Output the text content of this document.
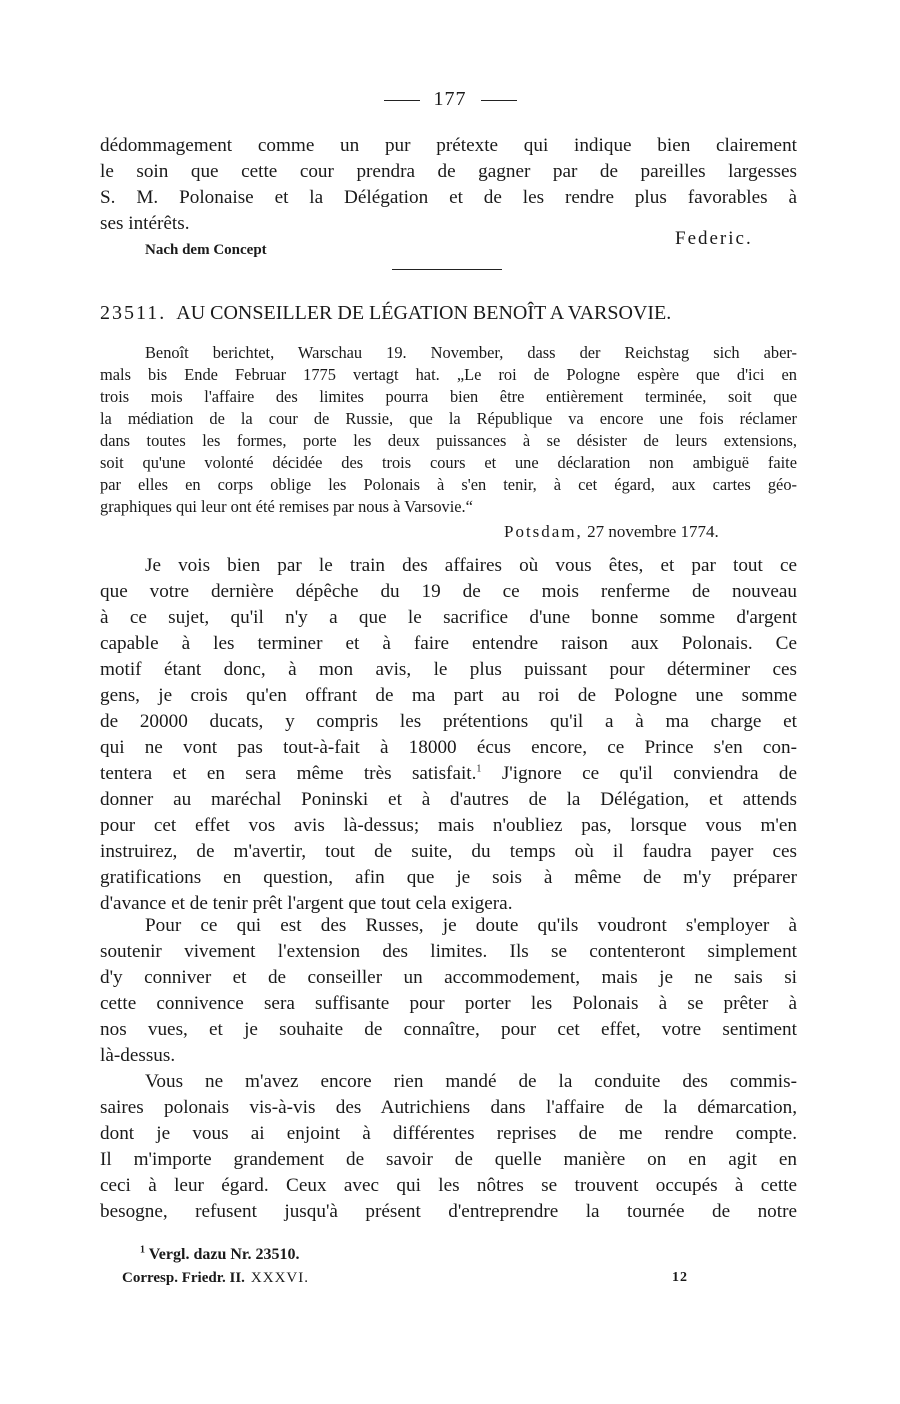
177
dédommagement comme un pur prétexte qui indique bien clairement
le soin que cette cour prendra de gagner par de pareilles largesses
S. M. Polonaise et la Délégation et de les rendre plus favorables à
ses intérêts.
Federic.
Nach dem Concept
23511. AU CONSEILLER DE LÉGATION BENOÎT A VARSOVIE.
Benoît berichtet, Warschau 19. November, dass der Reichstag sich aber-
mals bis Ende Februar 1775 vertagt hat. „Le roi de Pologne espère que d'ici en
trois mois l'affaire des limites pourra bien être entièrement terminée, soit que
la médiation de la cour de Russie, que la République va encore une fois réclamer
dans toutes les formes, porte les deux puissances à se désister de leurs extensions,
soit qu'une volonté décidée des trois cours et une déclaration non ambiguë faite
par elles en corps oblige les Polonais à s'en tenir, à cet égard, aux cartes géo-
graphiques qui leur ont été remises par nous à Varsovie.“
Potsdam, 27 novembre 1774.
Je vois bien par le train des affaires où vous êtes, et par tout ce
que votre dernière dépêche du 19 de ce mois renferme de nouveau
à ce sujet, qu'il n'y a que le sacrifice d'une bonne somme d'argent
capable à les terminer et à faire entendre raison aux Polonais. Ce
motif étant donc, à mon avis, le plus puissant pour déterminer ces
gens, je crois qu'en offrant de ma part au roi de Pologne une somme
de 20000 ducats, y compris les prétentions qu'il a à ma charge et
qui ne vont pas tout-à-fait à 18000 écus encore, ce Prince s'en con-
tentera et en sera même très satisfait.$^1$ J'ignore ce qu'il conviendra de
donner au maréchal Poninski et à d'autres de la Délégation, et attends
pour cet effet vos avis là-dessus; mais n'oubliez pas, lorsque vous m'en
instruirez, de m'avertir, tout de suite, du temps où il faudra payer ces
gratifications en question, afin que je sois à même de m'y préparer
d'avance et de tenir prêt l'argent que tout cela exigera.
Pour ce qui est des Russes, je doute qu'ils voudront s'employer à
soutenir vivement l'extension des limites. Ils se contenteront simplement
d'y conniver et de conseiller un accommodement, mais je ne sais si
cette connivence sera suffisante pour porter les Polonais à se prêter à
nos vues, et je souhaite de connaître, pour cet effet, votre sentiment
là-dessus.
Vous ne m'avez encore rien mandé de la conduite des commis-
saires polonais vis-à-vis des Autrichiens dans l'affaire de la démarcation,
dont je vous ai enjoint à différentes reprises de me rendre compte.
Il m'importe grandement de savoir de quelle manière on en agit en
ceci à leur égard. Ceux avec qui les nôtres se trouvent occupés à cette
besogne, refusent jusqu'à présent d'entreprendre la tournée de notre
$^1$ Vergl. dazu Nr. 23510.
Corresp. Friedr. II. XXXVI.	12
